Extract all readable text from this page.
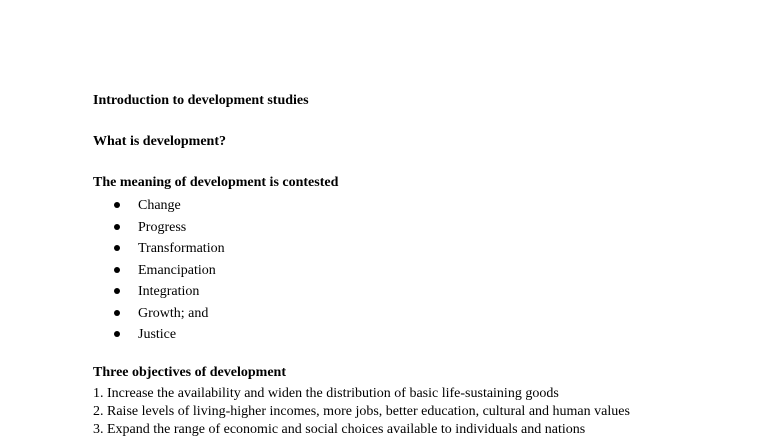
Introduction to development studies
What is development?
The meaning of development is contested
Change
Progress
Transformation
Emancipation
Integration
Growth; and
Justice
Three objectives of development
1. Increase the availability and widen the distribution of basic life-sustaining goods
2. Raise levels of living-higher incomes, more jobs, better education, cultural and human values
3. Expand the range of economic and social choices available to individuals and nations
